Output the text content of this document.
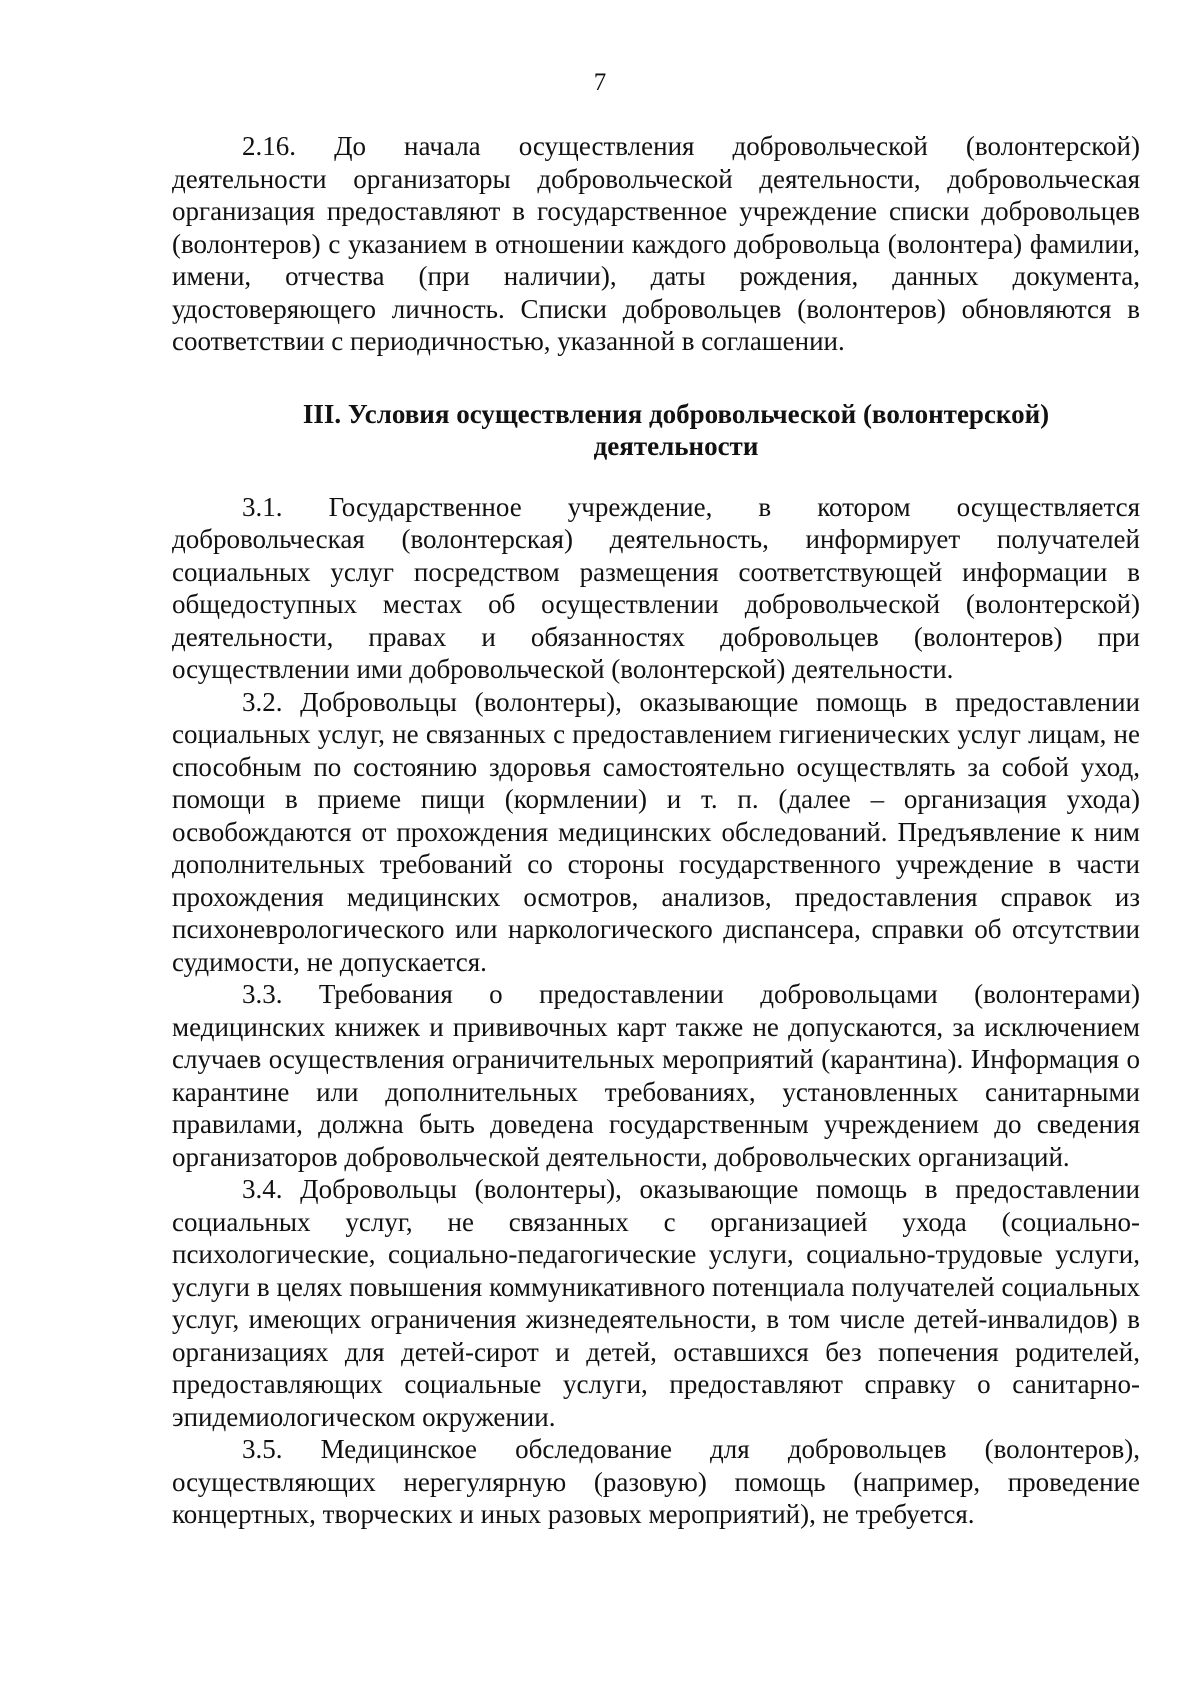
7

2.16. До начала осуществления добровольческой (волонтерской) деятельности организаторы добровольческой деятельности, добровольческая организация предоставляют в государственное учреждение списки добровольцев (волонтеров) с указанием в отношении каждого добровольца (волонтера) фамилии, имени, отчества (при наличии), даты рождения, данных документа, удостоверяющего личность. Списки добровольцев (волонтеров) обновляются в соответствии с периодичностью, указанной в соглашении.

III. Условия осуществления добровольческой (волонтерской)
деятельности

3.1. Государственное учреждение, в котором осуществляется добровольческая (волонтерская) деятельность, информирует получателей социальных услуг посредством размещения соответствующей информации в общедоступных местах об осуществлении добровольческой (волонтерской) деятельности, правах и обязанностях добровольцев (волонтеров) при осуществлении ими добровольческой (волонтерской) деятельности.

3.2. Добровольцы (волонтеры), оказывающие помощь в предоставлении социальных услуг, не связанных с предоставлением гигиенических услуг лицам, не способным по состоянию здоровья самостоятельно осуществлять за собой уход, помощи в приеме пищи (кормлении) и т. п. (далее – организация ухода) освобождаются от прохождения медицинских обследований. Предъявление к ним дополнительных требований со стороны государственного учреждение в части прохождения медицинских осмотров, анализов, предоставления справок из психоневрологического или наркологического диспансера, справки об отсутствии судимости, не допускается.

3.3. Требования о предоставлении добровольцами (волонтерами) медицинских книжек и прививочных карт также не допускаются, за исключением случаев осуществления ограничительных мероприятий (карантина). Информация о карантине или дополнительных требованиях, установленных санитарными правилами, должна быть доведена государственным учреждением до сведения организаторов добровольческой деятельности, добровольческих организаций.

3.4. Добровольцы (волонтеры), оказывающие помощь в предоставлении социальных услуг, не связанных с организацией ухода (социально-психологические, социально-педагогические услуги, социально-трудовые услуги, услуги в целях повышения коммуникативного потенциала получателей социальных услуг, имеющих ограничения жизнедеятельности, в том числе детей-инвалидов) в организациях для детей-сирот и детей, оставшихся без попечения родителей, предоставляющих социальные услуги, предоставляют справку о санитарно-эпидемиологическом окружении.

3.5. Медицинское обследование для добровольцев (волонтеров), осуществляющих нерегулярную (разовую) помощь (например, проведение концертных, творческих и иных разовых мероприятий), не требуется.
